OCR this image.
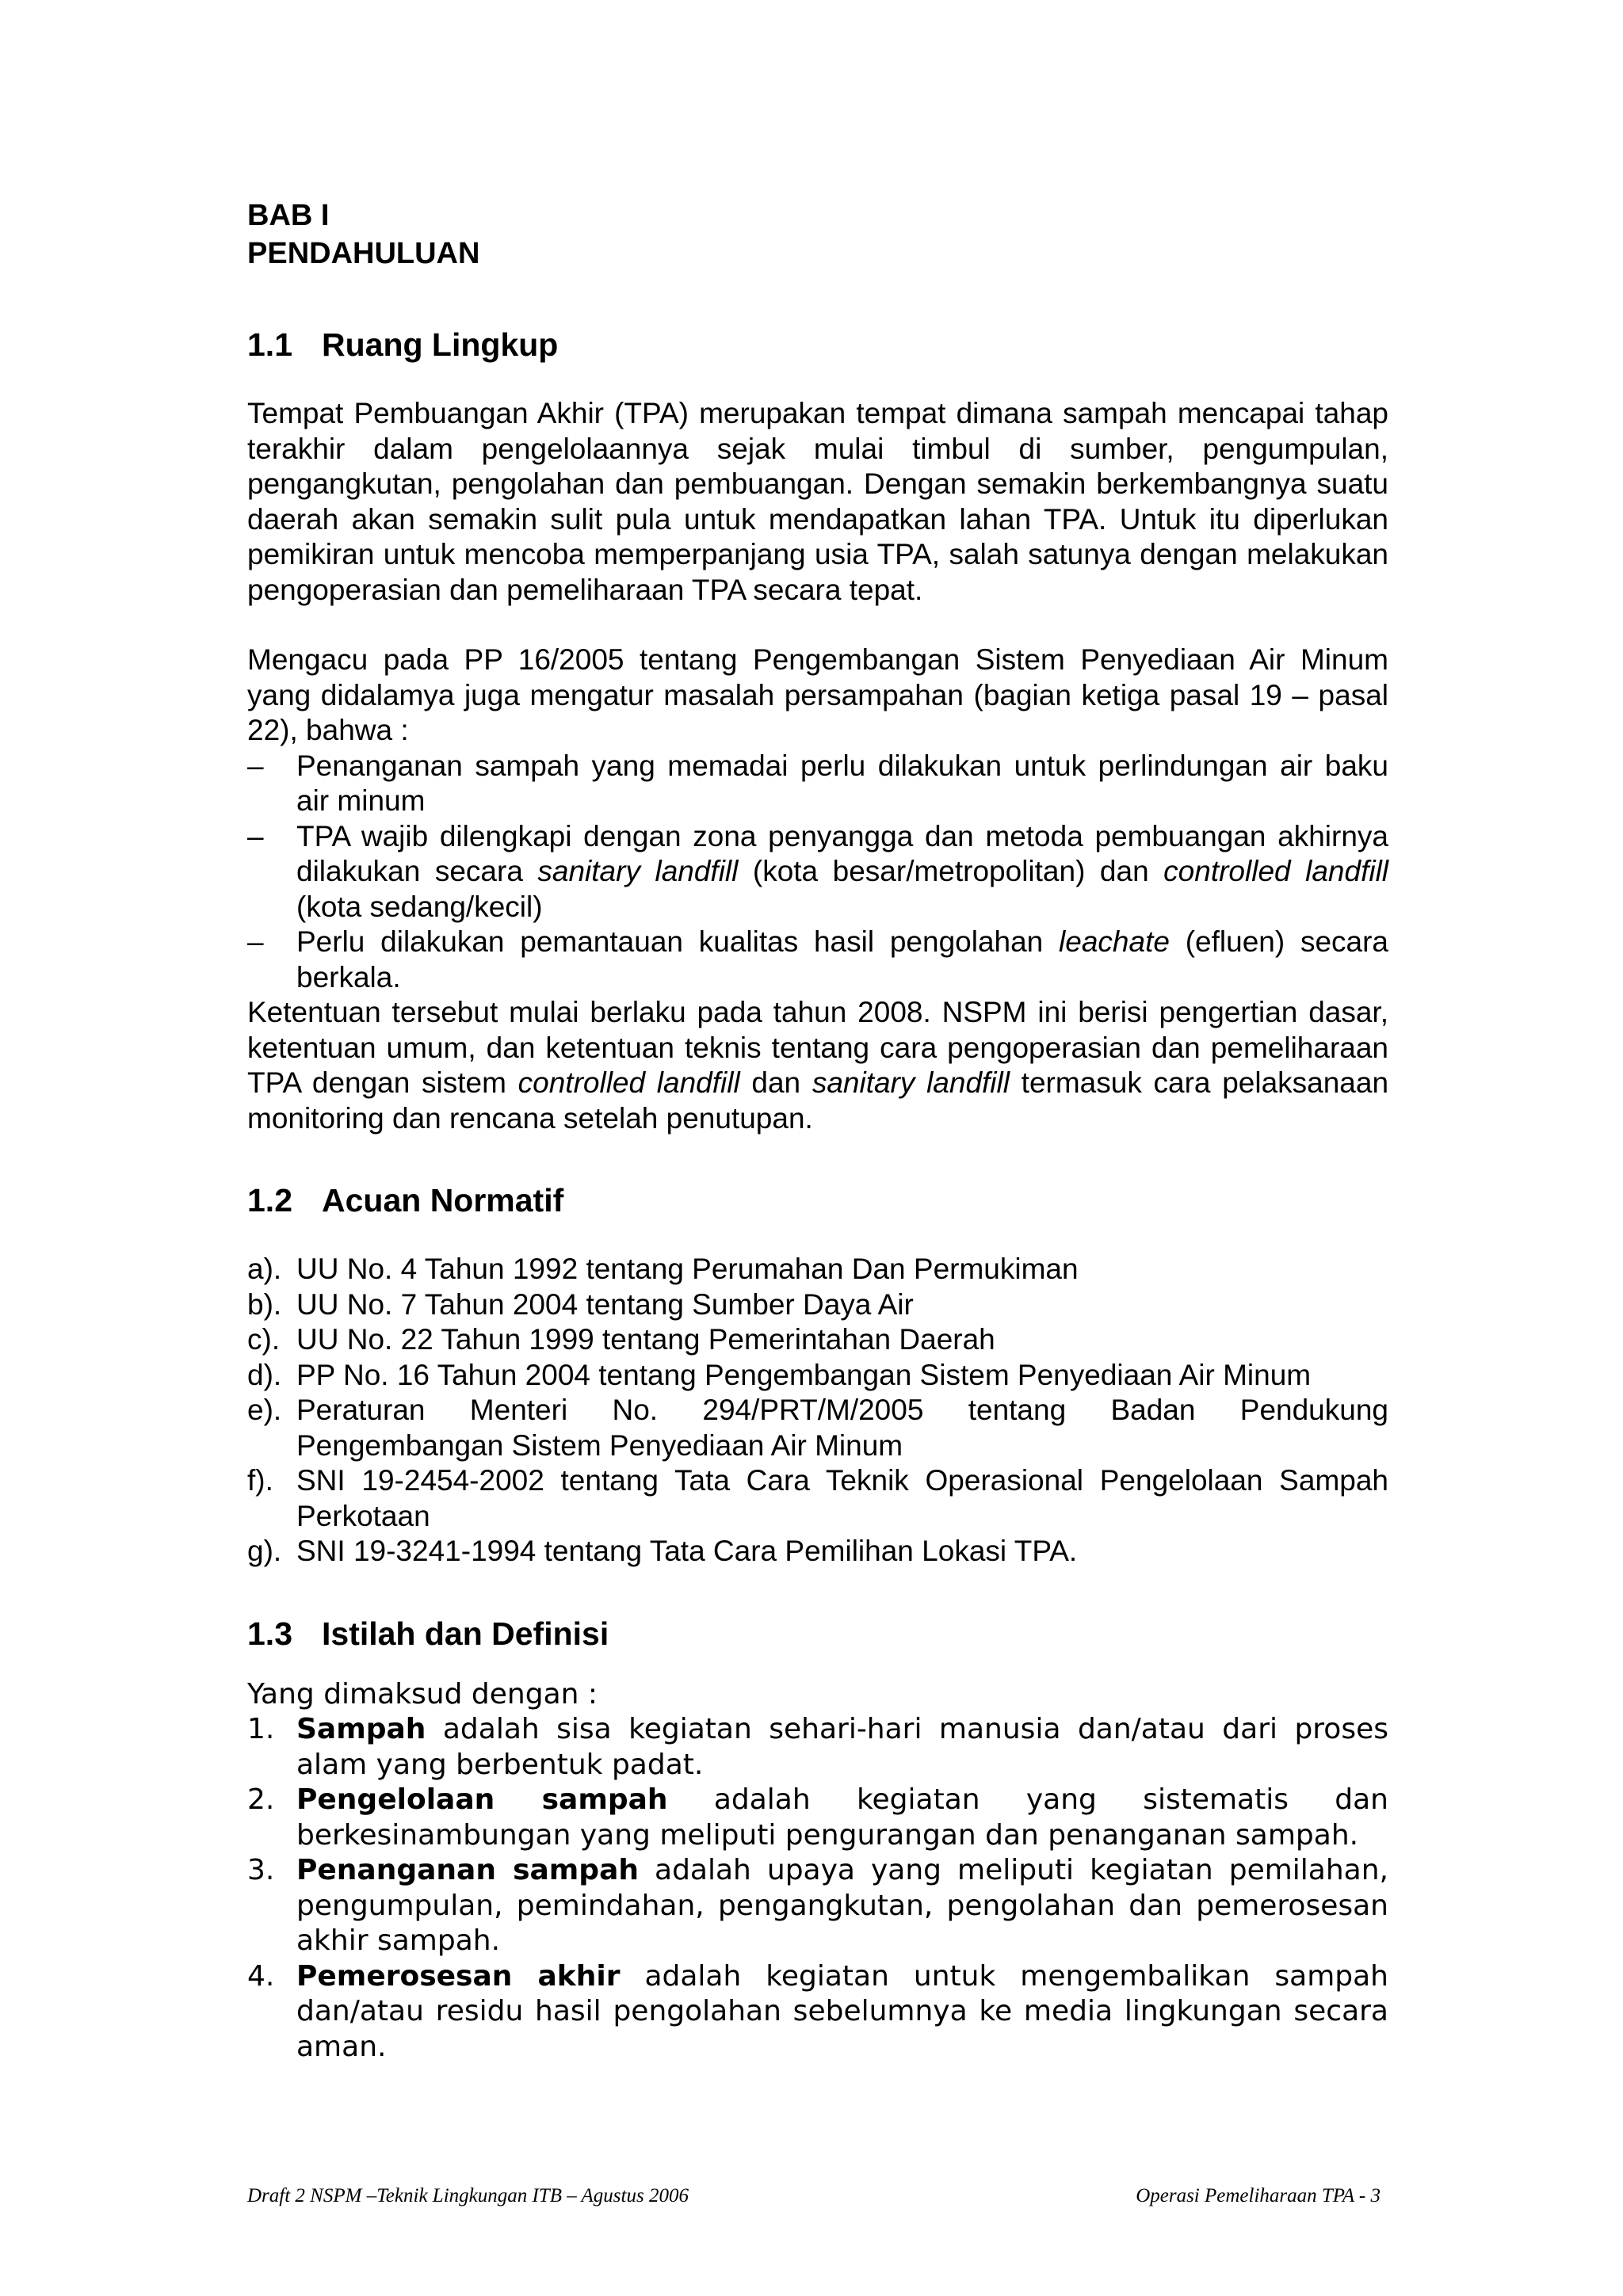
BAB I

PENDAHULUAN

1.1 Ruang Lingkup

Tempat Pembuangan Akhir (TPA) merupakan tempat dimana sampah mencapai tahap terakhir dalam pengelolaannya sejak mulai timbul di sumber, pengumpulan, pengangkutan, pengolahan dan pembuangan. Dengan semakin berkembangnya suatu daerah akan semakin sulit pula untuk mendapatkan lahan TPA. Untuk itu diperlukan pemikiran untuk mencoba memperpanjang usia TPA, salah satunya dengan melakukan pengoperasian dan pemeliharaan TPA secara tepat.

Mengacu pada PP 16/2005 tentang Pengembangan Sistem Penyediaan Air Minum yang didalamya juga mengatur masalah persampahan (bagian ketiga pasal 19 – pasal 22), bahwa :

– Penanganan sampah yang memadai perlu dilakukan untuk perlindungan air baku air minum
– TPA wajib dilengkapi dengan zona penyangga dan metoda pembuangan akhirnya dilakukan secara sanitary landfill (kota besar/metropolitan) dan controlled landfill (kota sedang/kecil)
– Perlu dilakukan pemantauan kualitas hasil pengolahan leachate (efluen) secara berkala.

Ketentuan tersebut mulai berlaku pada tahun 2008. NSPM ini berisi pengertian dasar, ketentuan umum, dan ketentuan teknis tentang cara pengoperasian dan pemeliharaan TPA dengan sistem controlled landfill dan sanitary landfill termasuk cara pelaksanaan monitoring dan rencana setelah penutupan.

1.2 Acuan Normatif
a). UU No. 4 Tahun 1992 tentang Perumahan Dan Permukiman
b). UU No. 7 Tahun 2004 tentang Sumber Daya Air
c). UU No. 22 Tahun 1999 tentang Pemerintahan Daerah
d). PP No. 16 Tahun 2004 tentang Pengembangan Sistem Penyediaan Air Minum
e). Peraturan Menteri No. 294/PRT/M/2005 tentang Badan Pendukung
Pengembangan Sistem Penyediaan Air Minum
f). SNI 19-2454-2002 tentang Tata Cara Teknik Operasional Pengelolaan Sampah Perkotaan
g). SNI 19-3241-1994 tentang Tata Cara Pemilihan Lokasi TPA.
1.3 Istilah dan Definisi

Yang dimaksud dengan :

1. Sampah adalah sisa kegiatan sehari-hari manusia dan/atau dari proses alam yang berbentuk padat.
2. Pengelolaan sampah adalah kegiatan yang sistematis dan berkesinambungan yang meliputi pengurangan dan penanganan sampah.
3. Penanganan sampah adalah upaya yang meliputi kegiatan pemilahan, pengumpulan, pemindahan, pengangkutan, pengolahan dan pemerosesan akhir sampah.
4. Pemerosesan akhir adalah kegiatan untuk mengembalikan sampah dan/atau residu hasil pengolahan sebelumnya ke media lingkungan secara aman.
Draft 2 NSPM –Teknik Lingkungan ITB – Agustus 2006	Operasi Pemeliharaan TPA - 3
